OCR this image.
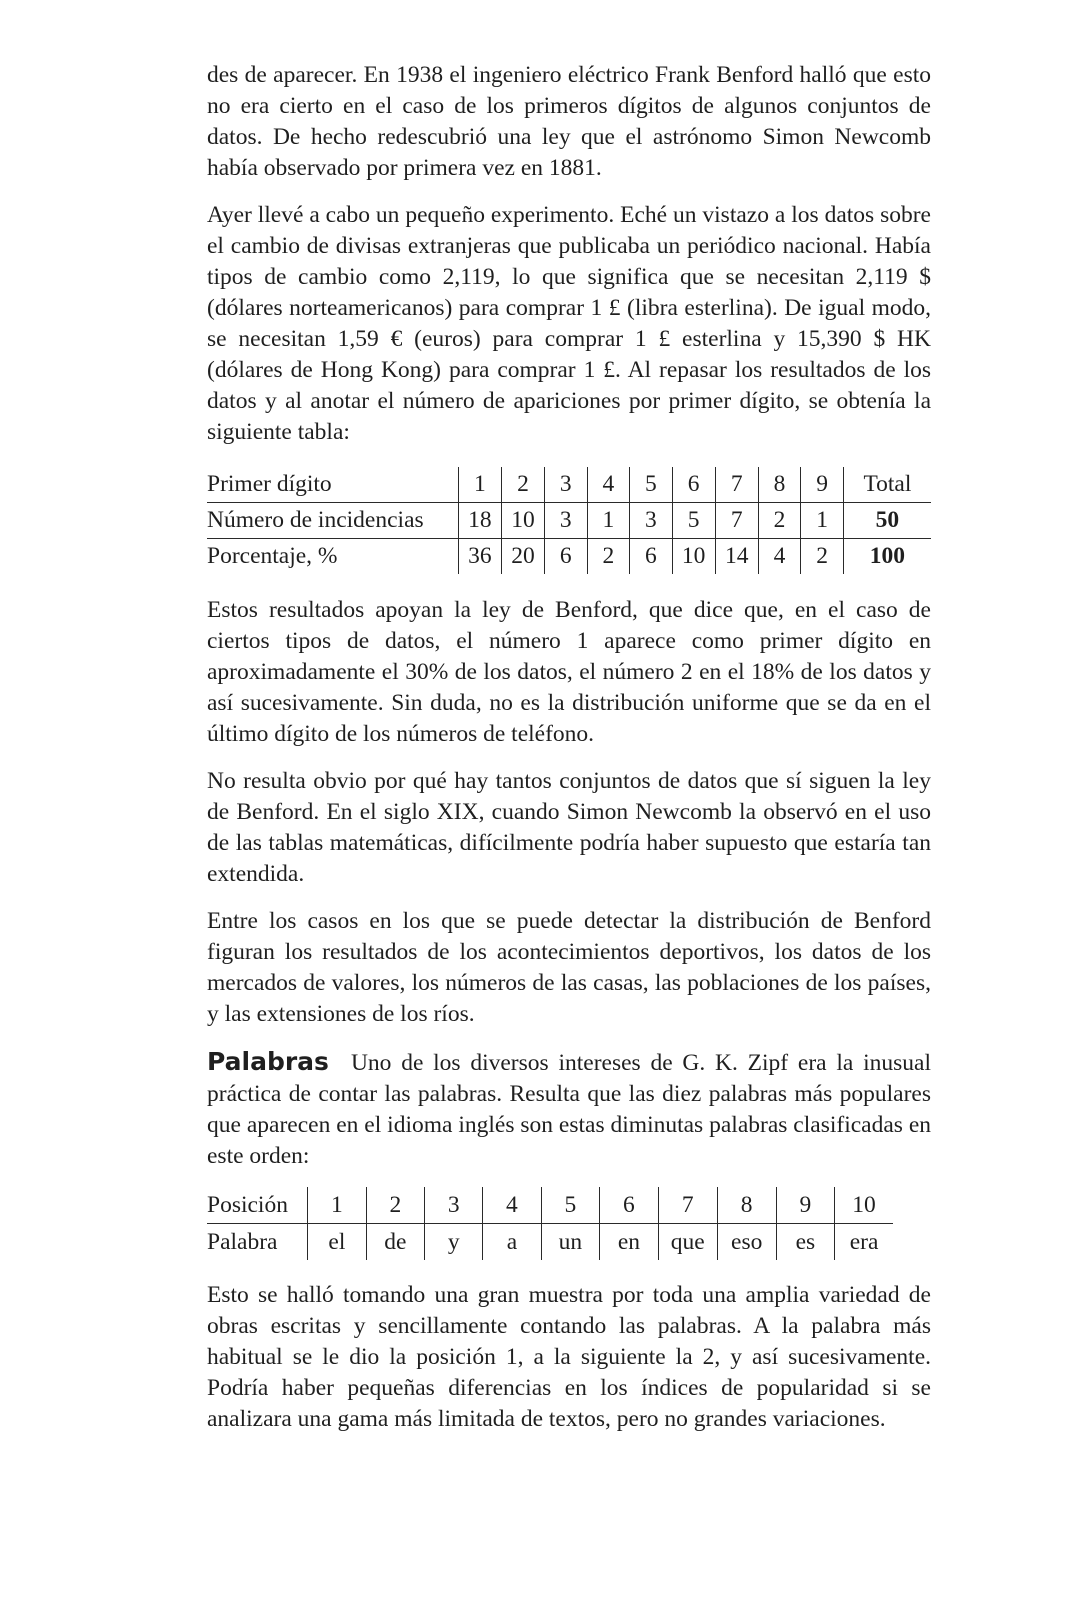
des de aparecer. En 1938 el ingeniero eléctrico Frank Benford halló que esto no era cierto en el caso de los primeros dígitos de algunos conjuntos de datos. De hecho redescubrió una ley que el astrónomo Simon Newcomb había observado por primera vez en 1881.

Ayer llevé a cabo un pequeño experimento. Eché un vistazo a los datos sobre el cambio de divisas extranjeras que publicaba un periódico nacional. Había tipos de cambio como 2,119, lo que significa que se necesitan 2,119 $ (dólares norteamericanos) para comprar 1 £ (libra esterlina). De igual modo, se necesitan 1,59 € (euros) para comprar 1 £ esterlina y 15,390 $ HK (dólares de Hong Kong) para comprar 1 £. Al repasar los resultados de los datos y al anotar el número de apariciones por primer dígito, se obtenía la siguiente tabla:

Primer dígito	1	2	3	4	5	6	7	8	9	Total
Número de incidencias	18	10	3	1	3	5	7	2	1	50
Porcentaje, %	36	20	6	2	6	10	14	4	2	100

Estos resultados apoyan la ley de Benford, que dice que, en el caso de ciertos tipos de datos, el número 1 aparece como primer dígito en aproximadamente el 30% de los datos, el número 2 en el 18% de los datos y así sucesivamente. Sin duda, no es la distribución uniforme que se da en el último dígito de los números de teléfono.

No resulta obvio por qué hay tantos conjuntos de datos que sí siguen la ley de Benford. En el siglo XIX, cuando Simon Newcomb la observó en el uso de las tablas matemáticas, difícilmente podría haber supuesto que estaría tan extendida.

Entre los casos en los que se puede detectar la distribución de Benford figuran los resultados de los acontecimientos deportivos, los datos de los mercados de valores, los números de las casas, las poblaciones de los países, y las extensiones de los ríos.

Palabras Uno de los diversos intereses de G. K. Zipf era la inusual práctica de contar las palabras. Resulta que las diez palabras más populares que aparecen en el idioma inglés son estas diminutas palabras clasificadas en este orden:

Posición	1	2	3	4	5	6	7	8	9	10
Palabra	el	de	y	a	un	en	que	eso	es	era

Esto se halló tomando una gran muestra por toda una amplia variedad de obras escritas y sencillamente contando las palabras. A la palabra más habitual se le dio la posición 1, a la siguiente la 2, y así sucesivamente. Podría haber pequeñas diferencias en los índices de popularidad si se analizara una gama más limitada de textos, pero no grandes variaciones.
